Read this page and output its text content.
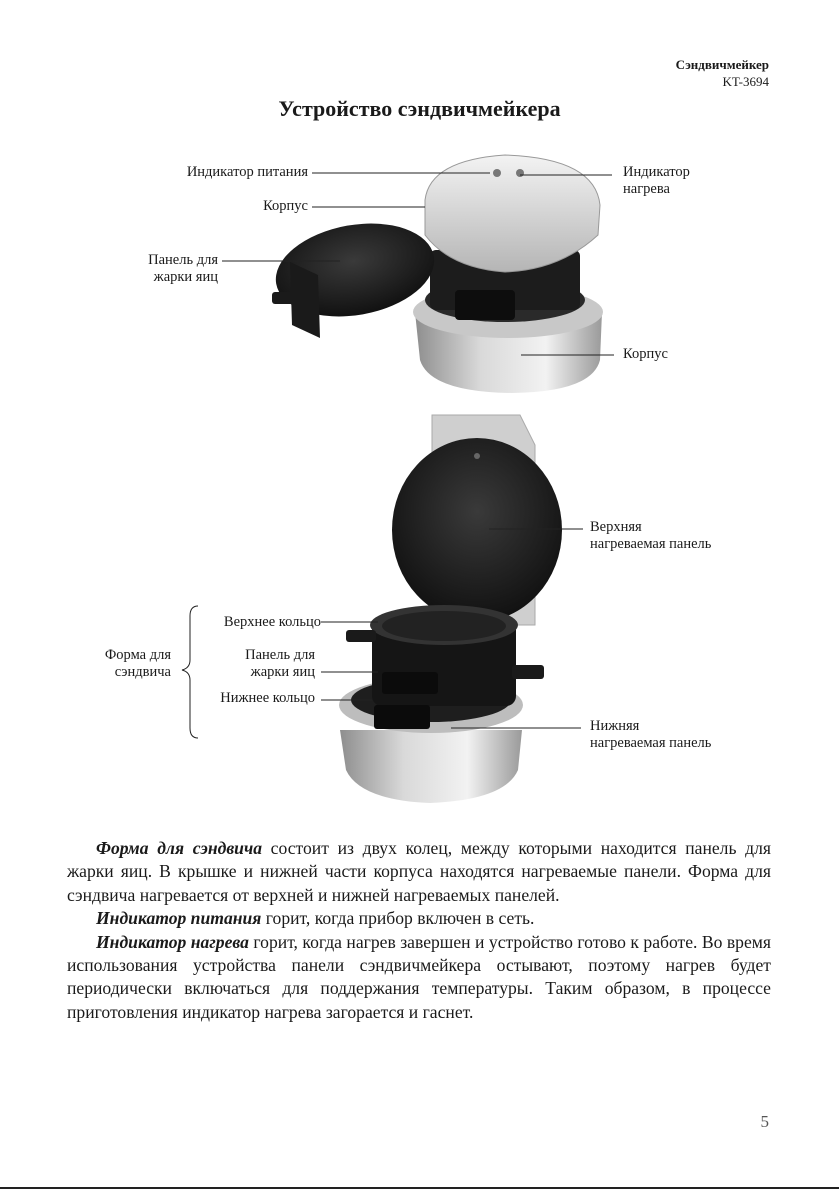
Сэндвичмейкер
KT-3694
Устройство сэндвичмейкера
Индикатор питания	Индикатор
нагрева
Корпус
Панель для
жарки яиц
Корпус
Верхняя
нагреваемая панель
Верхнее кольцо
Форма для
сэндвича
Панель для
жарки яиц
Нижнее кольцо
Нижняя
нагреваемая панель

Форма для сэндвича состоит из двух колец, между которыми находится панель для жарки яиц. В крышке и нижней части корпуса находятся нагреваемые панели. Форма для сэндвича нагревается от верхней и нижней нагреваемых панелей.

Индикатор питания горит, когда прибор включен в сеть.

Индикатор нагрева горит, когда нагрев завершен и устройство готово к работе. Во время использования устройства панели сэндвичмейкера остывают, поэтому нагрев будет периодически включаться для поддержания температуры. Таким образом, в процессе приготовления индикатор нагрева загорается и гаснет.

5
